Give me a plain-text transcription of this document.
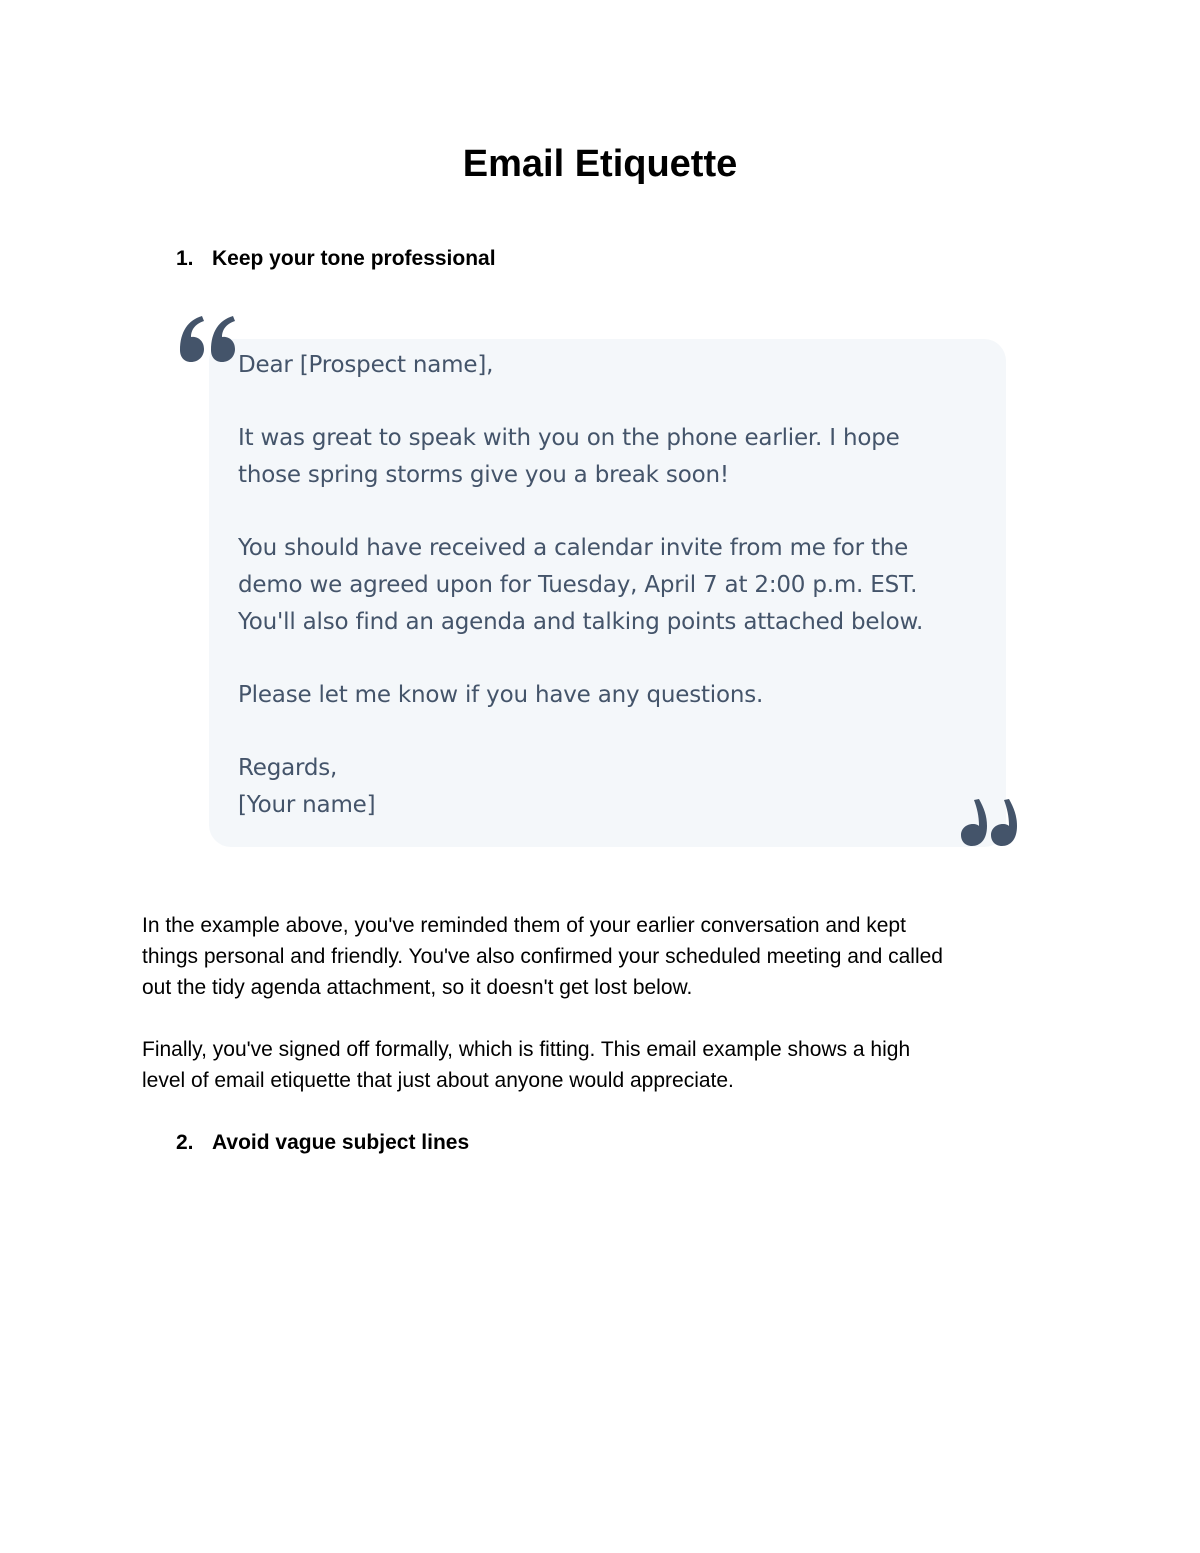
Email Etiquette
1. Keep your tone professional
Dear [Prospect name],
It was great to speak with you on the phone earlier. I hope
those spring storms give you a break soon!
You should have received a calendar invite from me for the
demo we agreed upon for Tuesday, April 7 at 2:00 p.m. EST.
You'll also find an agenda and talking points attached below.
Please let me know if you have any questions.
Regards,
[Your name]
In the example above, you've reminded them of your earlier conversation and kept
things personal and friendly. You've also confirmed your scheduled meeting and called
out the tidy agenda attachment, so it doesn't get lost below.
Finally, you've signed off formally, which is fitting. This email example shows a high
level of email etiquette that just about anyone would appreciate.
2. Avoid vague subject lines
